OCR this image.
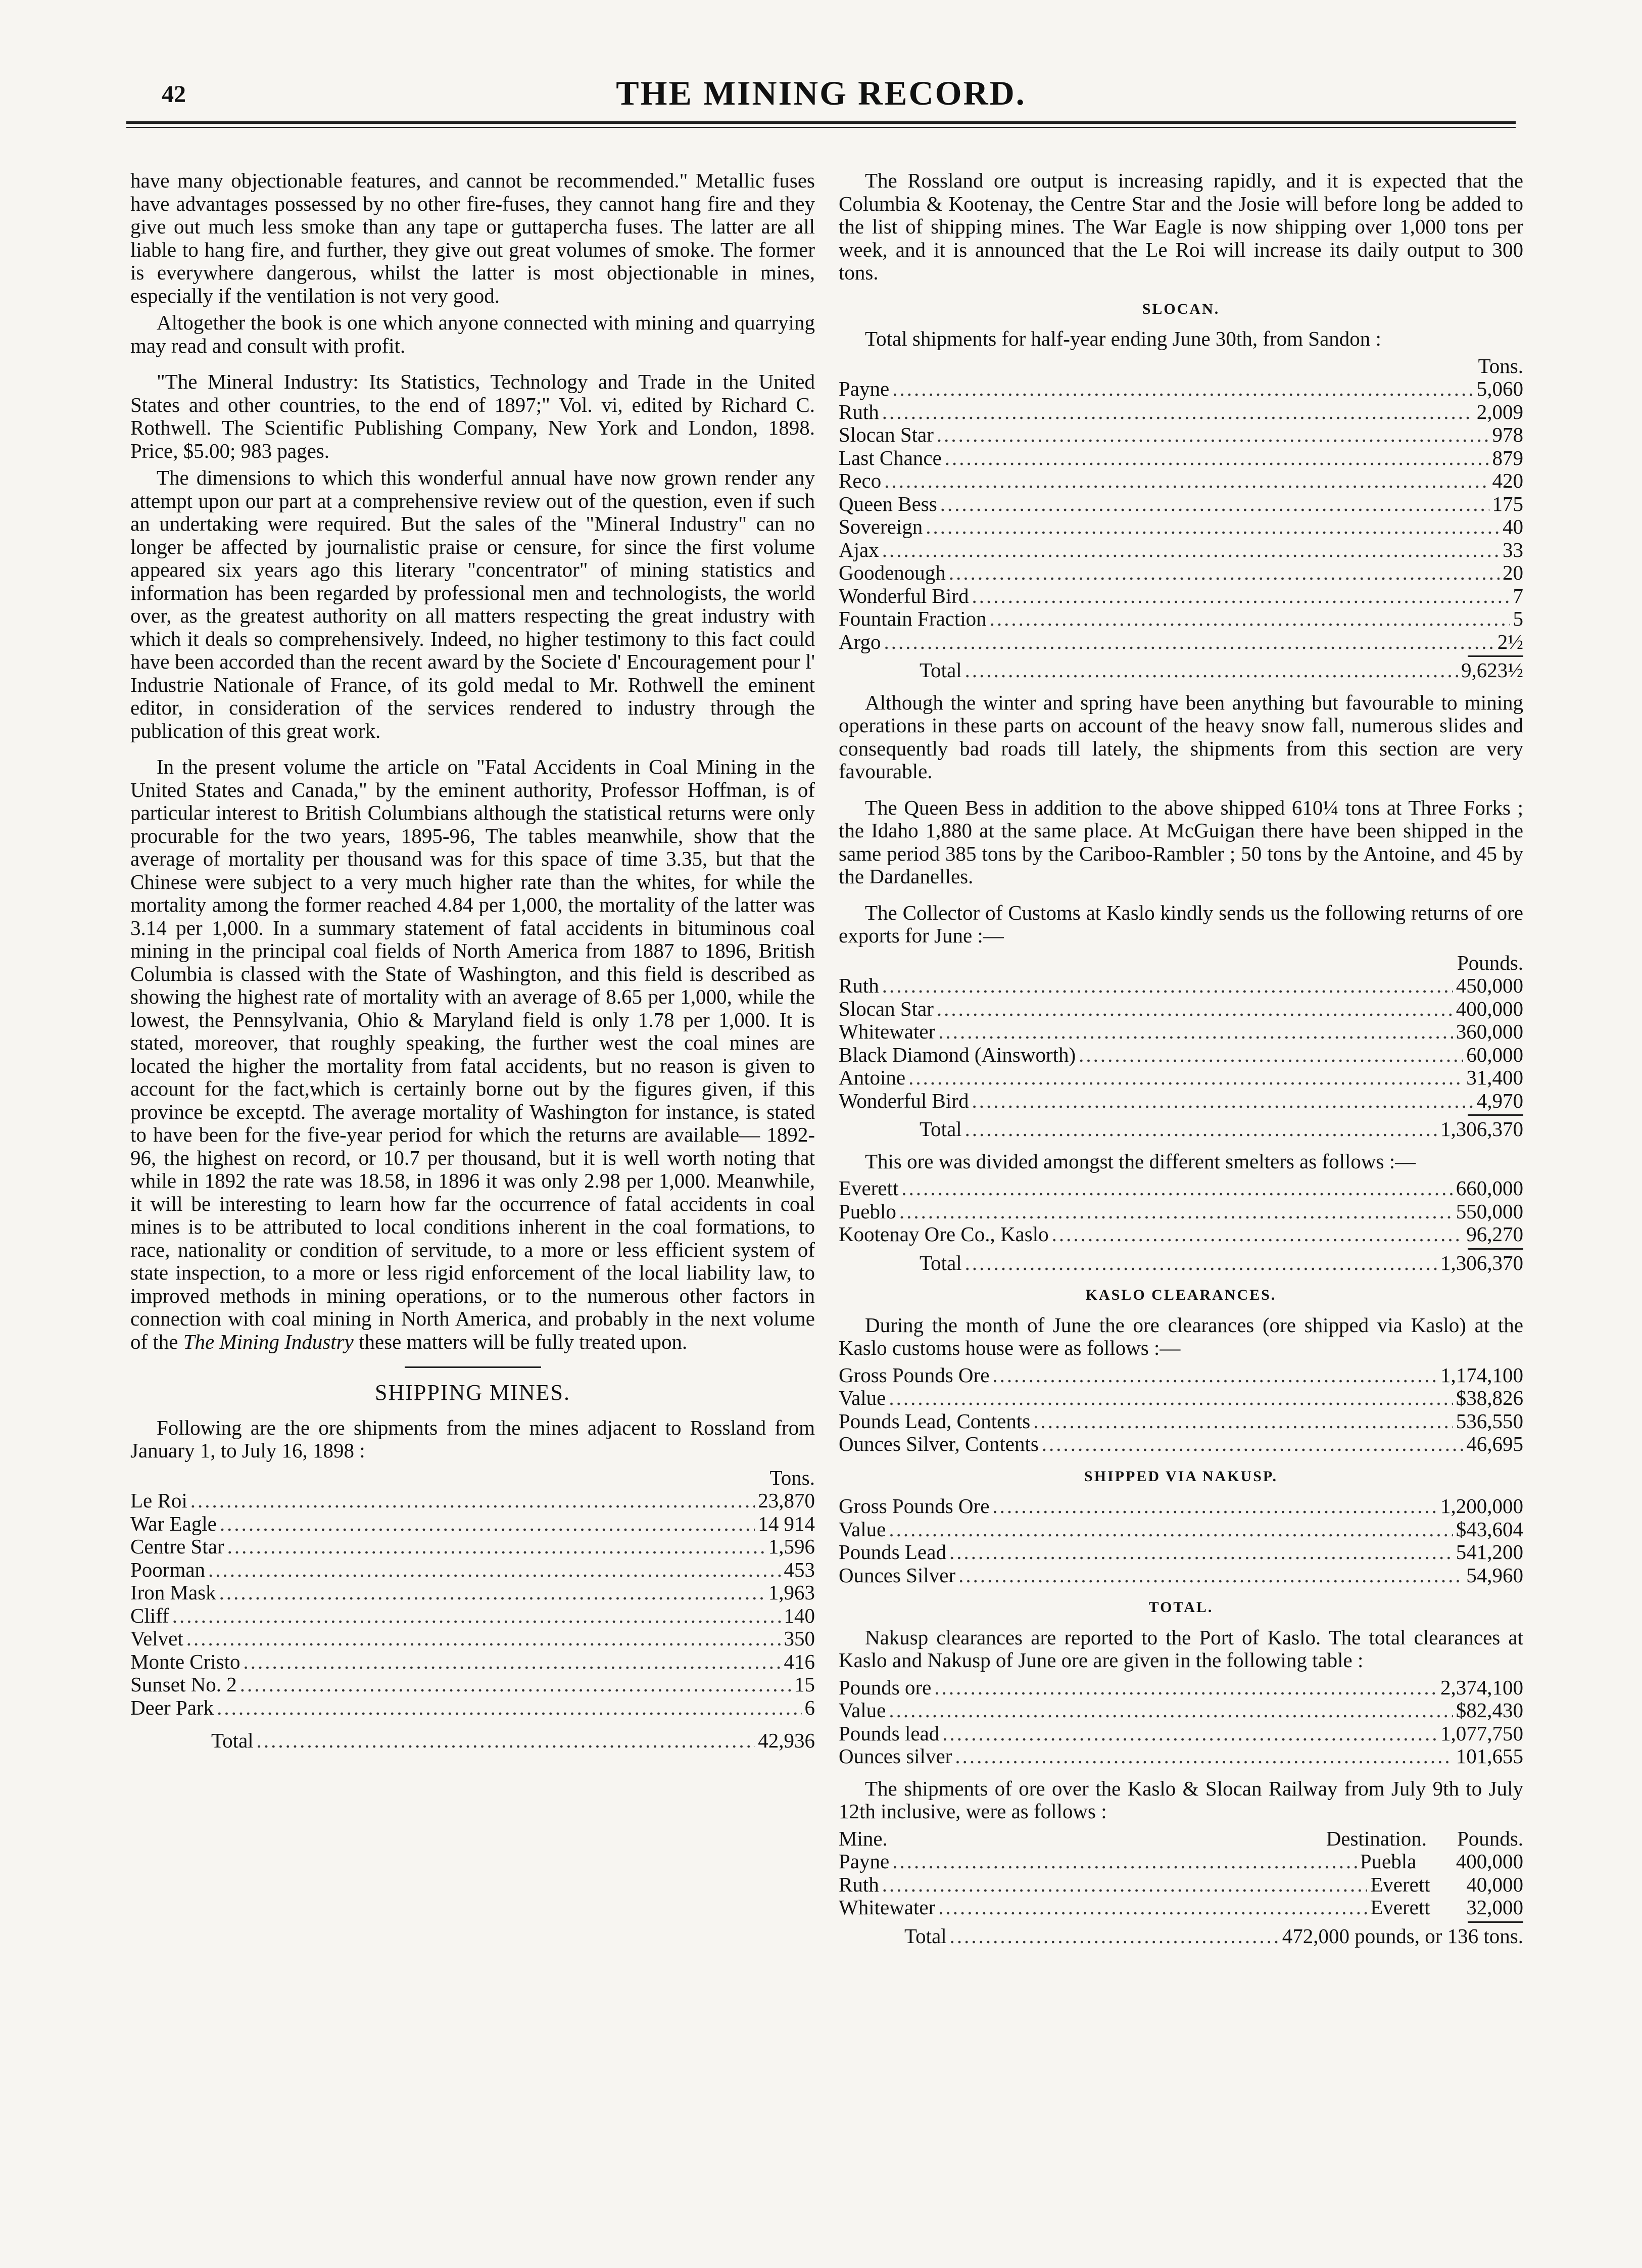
42	THE MINING RECORD.

have many objectionable features, and cannot be recommended." Metallic fuses have advantages possessed by no other fire-fuses, they cannot hang fire and they give out much less smoke than any tape or guttapercha fuses. The latter are all liable to hang fire, and further, they give out great volumes of smoke. The former is everywhere dangerous, whilst the latter is most objectionable in mines, especially if the ventilation is not very good.

Altogether the book is one which anyone connected with mining and quarrying may read and consult with profit.

"The Mineral Industry: Its Statistics, Technology and Trade in the United States and other countries, to the end of 1897;" Vol. vi, edited by Richard C. Rothwell. The Scientific Publishing Company, New York and London, 1898. Price, $5.00; 983 pages.

The dimensions to which this wonderful annual have now grown render any attempt upon our part at a comprehensive review out of the question, even if such an undertaking were required. But the sales of the "Mineral Industry" can no longer be affected by journalistic praise or censure, for since the first volume appeared six years ago this literary "concentrator" of mining statistics and information has been regarded by professional men and technologists, the world over, as the greatest authority on all matters respecting the great industry with which it deals so comprehensively. Indeed, no higher testimony to this fact could have been accorded than the recent award by the Societe d' Encouragement pour l' Industrie Nationale of France, of its gold medal to Mr. Rothwell the eminent editor, in consideration of the services rendered to industry through the publication of this great work.

In the present volume the article on "Fatal Accidents in Coal Mining in the United States and Canada," by the eminent authority, Professor Hoffman, is of particular interest to British Columbians although the statistical returns were only procurable for the two years, 1895-96, The tables meanwhile, show that the average of mortality per thousand was for this space of time 3.35, but that the Chinese were subject to a very much higher rate than the whites, for while the mortality among the former reached 4.84 per 1,000, the mortality of the latter was 3.14 per 1,000. In a summary statement of fatal accidents in bituminous coal mining in the principal coal fields of North America from 1887 to 1896, British Columbia is classed with the State of Washington, and this field is described as showing the highest rate of mortality with an average of 8.65 per 1,000, while the lowest, the Pennsylvania, Ohio & Maryland field is only 1.78 per 1,000. It is stated, moreover, that roughly speaking, the further west the coal mines are located the higher the mortality from fatal accidents, but no reason is given to account for the fact,which is certainly borne out by the figures given, if this province be exceptd. The average mortality of Washington for instance, is stated to have been for the five-year period for which the returns are available— 1892-96, the highest on record, or 10.7 per thousand, but it is well worth noting that while in 1892 the rate was 18.58, in 1896 it was only 2.98 per 1,000. Meanwhile, it will be interesting to learn how far the occurrence of fatal accidents in coal mines is to be attributed to local conditions inherent in the coal formations, to race, nationality or condition of servitude, to a more or less efficient system of state inspection, to a more or less rigid enforcement of the local liability law, to improved methods in mining operations, or to the numerous other factors in connection with coal mining in North America, and probably in the next volume of the The Mining Industry these matters will be fully treated upon.

SHIPPING MINES.

Following are the ore shipments from the mines adjacent to Rossland from January 1, to July 16, 1898 :

Tons.
Le Roi .....	23,870
War Eagle .....	14 914
Centre Star .....	1,596
Poorman .....	453
Iron Mask .....	1,963
Cliff .....	140
Velvet .....	350
Monte Cristo .....	416
Sunset No. 2 .....	15
Deer Park .....	6
Total .....	42,936

The Rossland ore output is increasing rapidly, and it is expected that the Columbia & Kootenay, the Centre Star and the Josie will before long be added to the list of shipping mines. The War Eagle is now shipping over 1,000 tons per week, and it is announced that the Le Roi will increase its daily output to 300 tons.

SLOCAN.

Total shipments for half-year ending June 30th, from Sandon :

Tons.
Payne .....	5,060
Ruth .....	2,009
Slocan Star .....	978
Last Chance .....	879
Reco .....	420
Queen Bess .....	175
Sovereign .....	40
Ajax .....	33
Goodenough .....	20
Wonderful Bird .....	7
Fountain Fraction .....	5
Argo .....	2½
Total .....	9,623½

Although the winter and spring have been anything but favourable to mining operations in these parts on account of the heavy snow fall, numerous slides and consequently bad roads till lately, the shipments from this section are very favourable.

The Queen Bess in addition to the above shipped 610¼ tons at Three Forks ; the Idaho 1,880 at the same place. At McGuigan there have been shipped in the same period 385 tons by the Cariboo-Rambler ; 50 tons by the Antoine, and 45 by the Dardanelles.

The Collector of Customs at Kaslo kindly sends us the following returns of ore exports for June :—

Pounds.
Ruth .....	450,000
Slocan Star .....	400,000
Whitewater .....	360,000
Black Diamond (Ainsworth) .....	60,000
Antoine .....	31,400
Wonderful Bird .....	4,970
Total .....	1,306,370

This ore was divided amongst the different smelters as follows :—

Everett .....	660,000
Pueblo .....	550,000
Kootenay Ore Co., Kaslo .....	96,270
Total .....	1,306,370
KASLO CLEARANCES.

During the month of June the ore clearances (ore shipped via Kaslo) at the Kaslo customs house were as follows :—

Gross Pounds Ore .....	1,174,100
Value .....	$38,826
Pounds Lead, Contents .....	536,550
Ounces Silver, Contents .....	46,695
SHIPPED VIA NAKUSP.
Gross Pounds Ore .....	1,200,000
Value .....	$43,604
Pounds Lead .....	541,200
Ounces Silver .....	54,960
TOTAL.

Nakusp clearances are reported to the Port of Kaslo. The total clearances at Kaslo and Nakusp of June ore are given in the following table :

Pounds ore .....	2,374,100
Value .....	$82,430
Pounds lead .....	1,077,750
Ounces silver .....	101,655

The shipments of ore over the Kaslo & Slocan Railway from July 9th to July 12th inclusive, were as follows :

Mine.	Destination. Pounds.
Payne .....	Puebla	400,000
Ruth .....	Everett	40,000
Whitewater .....	Everett	32,000
Total .....	472,000 pounds, or 136 tons.
